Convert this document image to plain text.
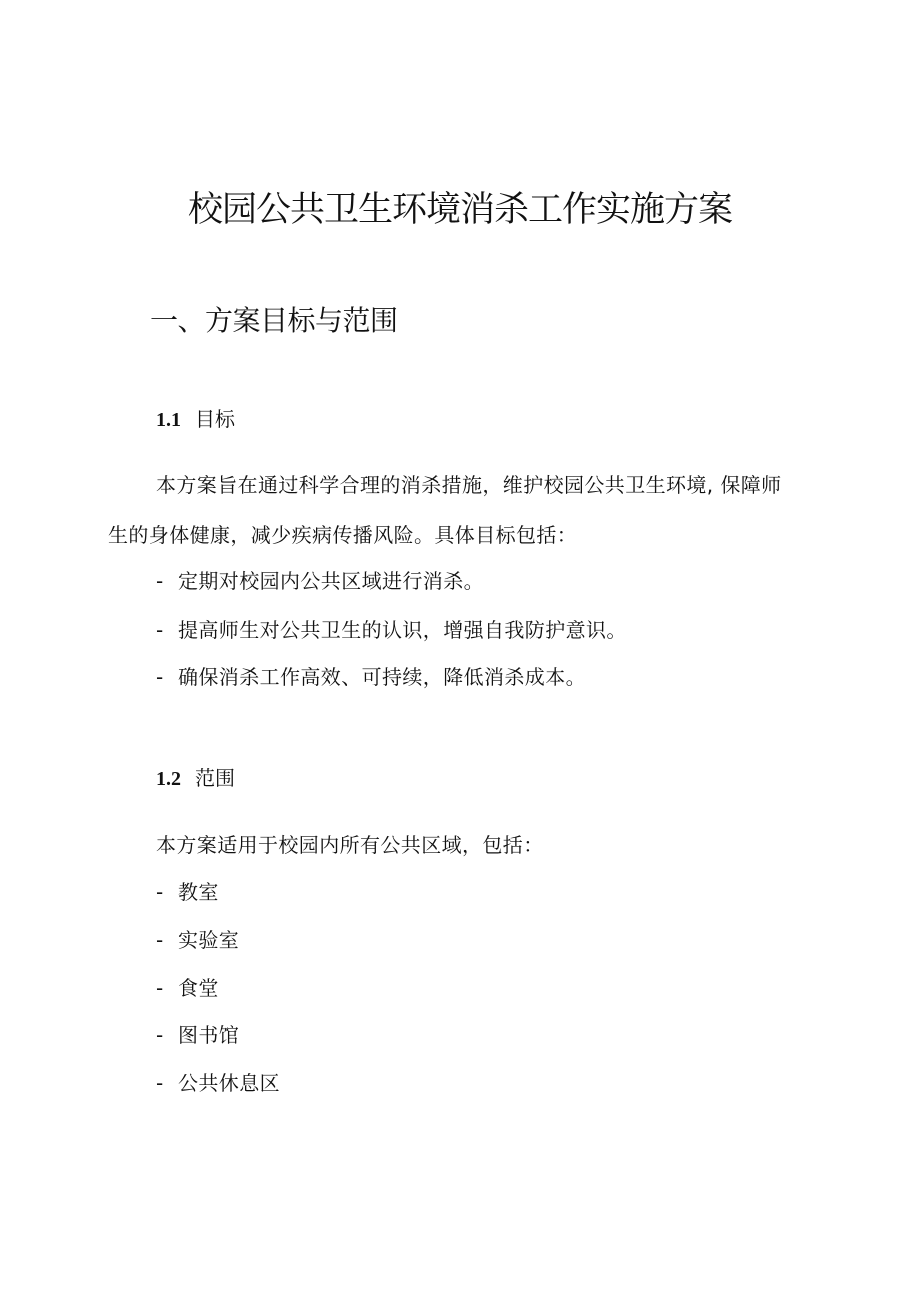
校园公共卫生环境消杀工作实施方案
一、方案目标与范围
1.1 目标

本方案旨在通过科学合理的消杀措施，维护校园公共卫生环境, 保障师

生的身体健康，减少疾病传播风险。具体目标包括：

- 定期对校园内公共区域进行消杀。

- 提高师生对公共卫生的认识，增强自我防护意识。

- 确保消杀工作高效、可持续，降低消杀成本。

1.2 范围

本方案适用于校园内所有公共区域，包括：

- 教室

- 实验室

- 食堂

- 图书馆

- 公共休息区
